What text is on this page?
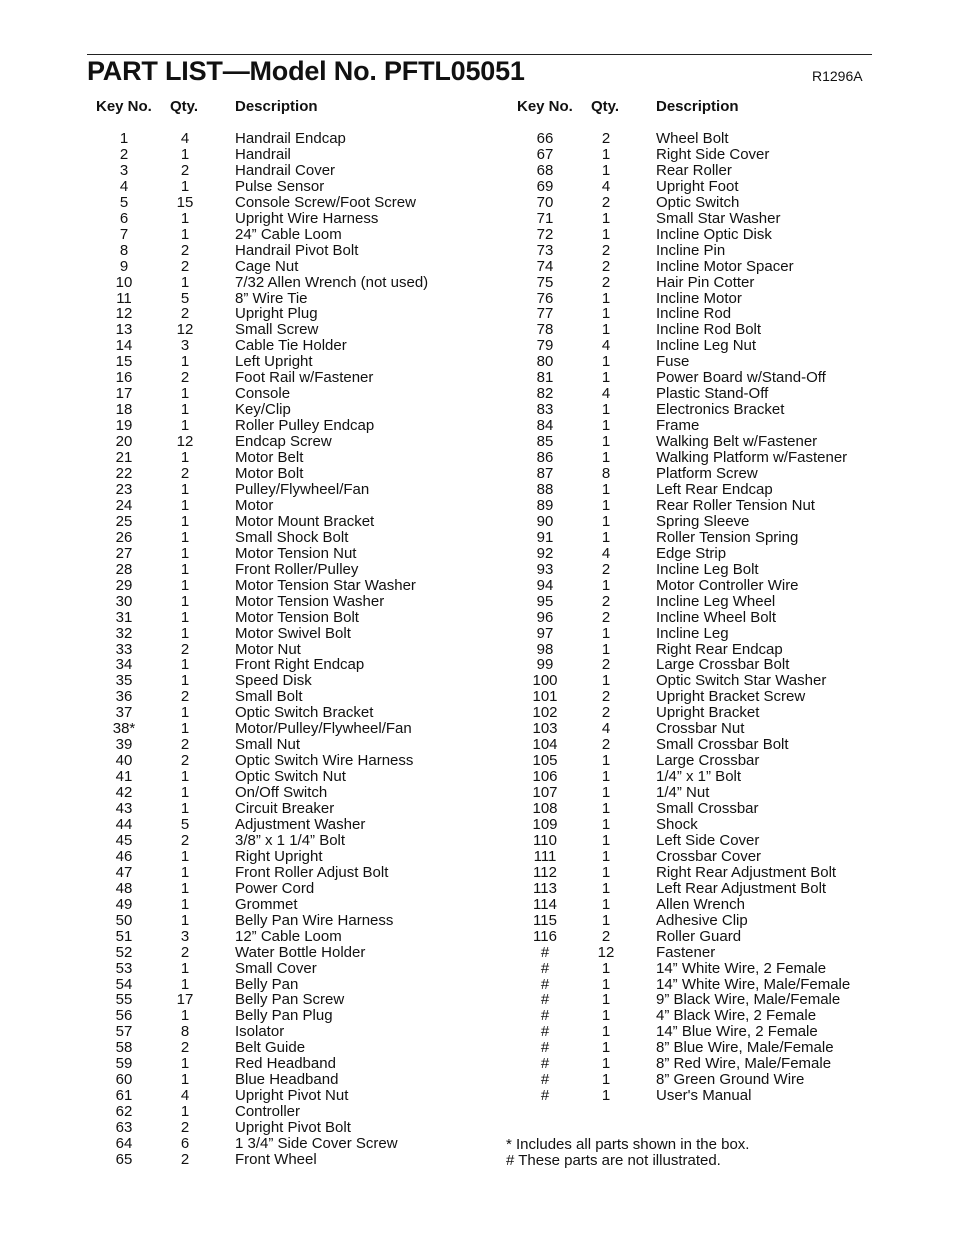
PART LIST—Model No. PFTL05051	R1296A
Key No. Qty. Description	Key No. Qty. Description
1	4	Handrail Endcap
2	1	Handrail
3	2	Handrail Cover
4	1	Pulse Sensor
5	15	Console Screw/Foot Screw
6	1	Upright Wire Harness
7	1	24” Cable Loom
8	2	Handrail Pivot Bolt
9	2	Cage Nut
10	1	7/32 Allen Wrench (not used)
11	5	8” Wire Tie
12	2	Upright Plug
13	12	Small Screw
14	3	Cable Tie Holder
15	1	Left Upright
16	2	Foot Rail w/Fastener
17	1	Console
18	1	Key/Clip
19	1	Roller Pulley Endcap
20	12	Endcap Screw
21	1	Motor Belt
22	2	Motor Bolt
23	1	Pulley/Flywheel/Fan
24	1	Motor
25	1	Motor Mount Bracket
26	1	Small Shock Bolt
27	1	Motor Tension Nut
28	1	Front Roller/Pulley
29	1	Motor Tension Star Washer
30	1	Motor Tension Washer
31	1	Motor Tension Bolt
32	1	Motor Swivel Bolt
33	2	Motor Nut
34	1	Front Right Endcap
35	1	Speed Disk
36	2	Small Bolt
37	1	Optic Switch Bracket
38*	1	Motor/Pulley/Flywheel/Fan
39	2	Small Nut
40	2	Optic Switch Wire Harness
41	1	Optic Switch Nut
42	1	On/Off Switch
43	1	Circuit Breaker
44	5	Adjustment Washer
45	2	3/8” x 1 1/4” Bolt
46	1	Right Upright
47	1	Front Roller Adjust Bolt
48	1	Power Cord
49	1	Grommet
50	1	Belly Pan Wire Harness
51	3	12” Cable Loom
52	2	Water Bottle Holder
53	1	Small Cover
54	1	Belly Pan
55	17	Belly Pan Screw
56	1	Belly Pan Plug
57	8	Isolator
58	2	Belt Guide
59	1	Red Headband
60	1	Blue Headband
61	4	Upright Pivot Nut
62	1	Controller
63	2	Upright Pivot Bolt
64	6	1 3/4” Side Cover Screw
65	2	Front Wheel
66	2	Wheel Bolt
67	1	Right Side Cover
68	1	Rear Roller
69	4	Upright Foot
70	2	Optic Switch
71	1	Small Star Washer
72	1	Incline Optic Disk
73	2	Incline Pin
74	2	Incline Motor Spacer
75	2	Hair Pin Cotter
76	1	Incline Motor
77	1	Incline Rod
78	1	Incline Rod Bolt
79	4	Incline Leg Nut
80	1	Fuse
81	1	Power Board w/Stand-Off
82	4	Plastic Stand-Off
83	1	Electronics Bracket
84	1	Frame
85	1	Walking Belt w/Fastener
86	1	Walking Platform w/Fastener
87	8	Platform Screw
88	1	Left Rear Endcap
89	1	Rear Roller Tension Nut
90	1	Spring Sleeve
91	1	Roller Tension Spring
92	4	Edge Strip
93	2	Incline Leg Bolt
94	1	Motor Controller Wire
95	2	Incline Leg Wheel
96	2	Incline Wheel Bolt
97	1	Incline Leg
98	1	Right Rear Endcap
99	2	Large Crossbar Bolt
100	1	Optic Switch Star Washer
101	2	Upright Bracket Screw
102	2	Upright Bracket
103	4	Crossbar Nut
104	2	Small Crossbar Bolt
105	1	Large Crossbar
106	1	1/4” x 1” Bolt
107	1	1/4” Nut
108	1	Small Crossbar
109	1	Shock
110	1	Left Side Cover
111	1	Crossbar Cover
112	1	Right Rear Adjustment Bolt
113	1	Left Rear Adjustment Bolt
114	1	Allen Wrench
115	1	Adhesive Clip
116	2	Roller Guard
#	12	Fastener
#	1	14” White Wire, 2 Female
#	1	14” White Wire, Male/Female
#	1	9” Black Wire, Male/Female
#	1	4” Black Wire, 2 Female
#	1	14” Blue Wire, 2 Female
#	1	8” Blue Wire, Male/Female
#	1	8” Red Wire, Male/Female
#	1	8” Green Ground Wire
#	1	User's Manual
* Includes all parts shown in the box.
# These parts are not illustrated.
